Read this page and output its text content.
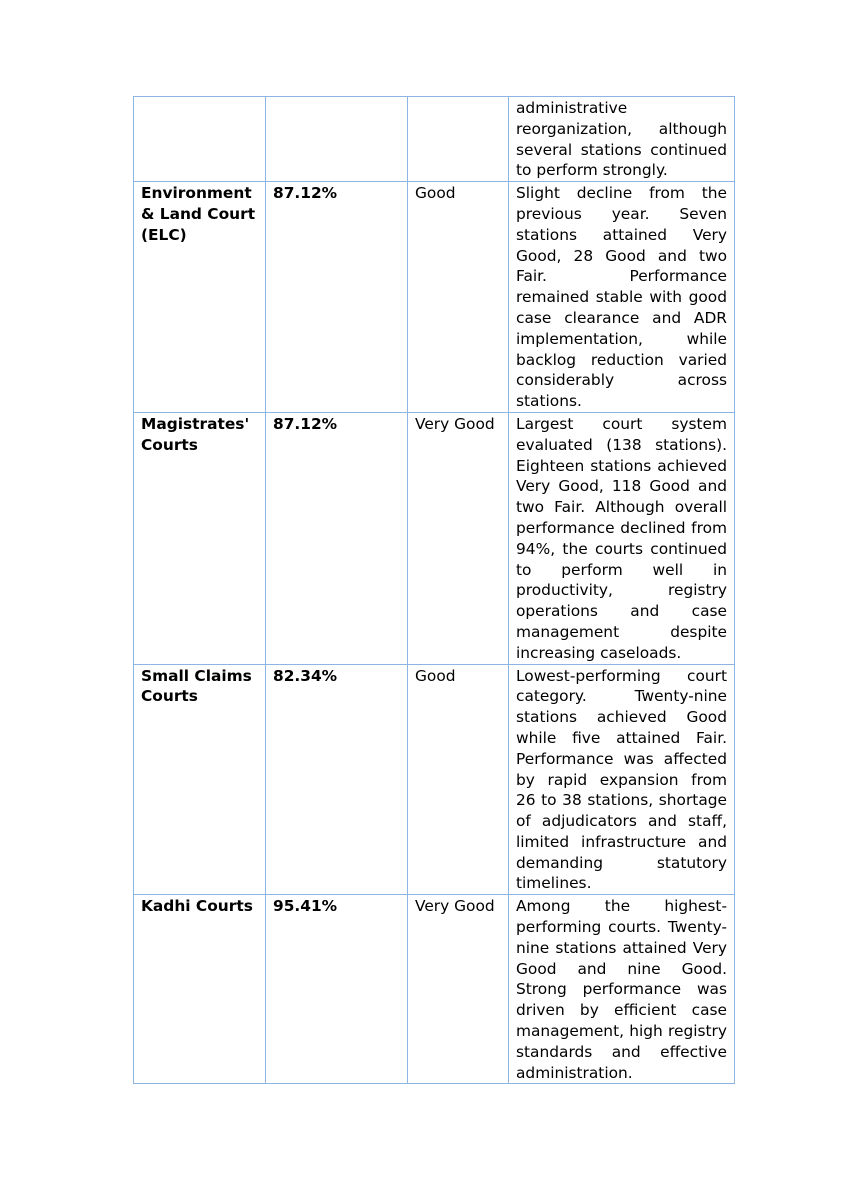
			administrative reorganization, although several stations continued to perform strongly.
Environment & Land Court (ELC)	87.12%	Good	Slight decline from the previous year. Seven stations attained Very Good, 28 Good and two Fair. Performance remained stable with good case clearance and ADR implementation, while backlog reduction varied considerably across stations.
Magistrates' Courts	87.12%	Very Good	Largest court system evaluated (138 stations). Eighteen stations achieved Very Good, 118 Good and two Fair. Although overall performance declined from 94%, the courts continued to perform well in productivity, registry operations and case management despite increasing caseloads.
Small Claims Courts	82.34%	Good	Lowest-performing court category. Twenty-nine stations achieved Good while five attained Fair. Performance was affected by rapid expansion from 26 to 38 stations, shortage of adjudicators and staff, limited infrastructure and demanding statutory timelines.
Kadhi Courts	95.41%	Very Good	Among the highest-performing courts. Twenty-nine stations attained Very Good and nine Good. Strong performance was driven by efficient case management, high registry standards and effective administration.
